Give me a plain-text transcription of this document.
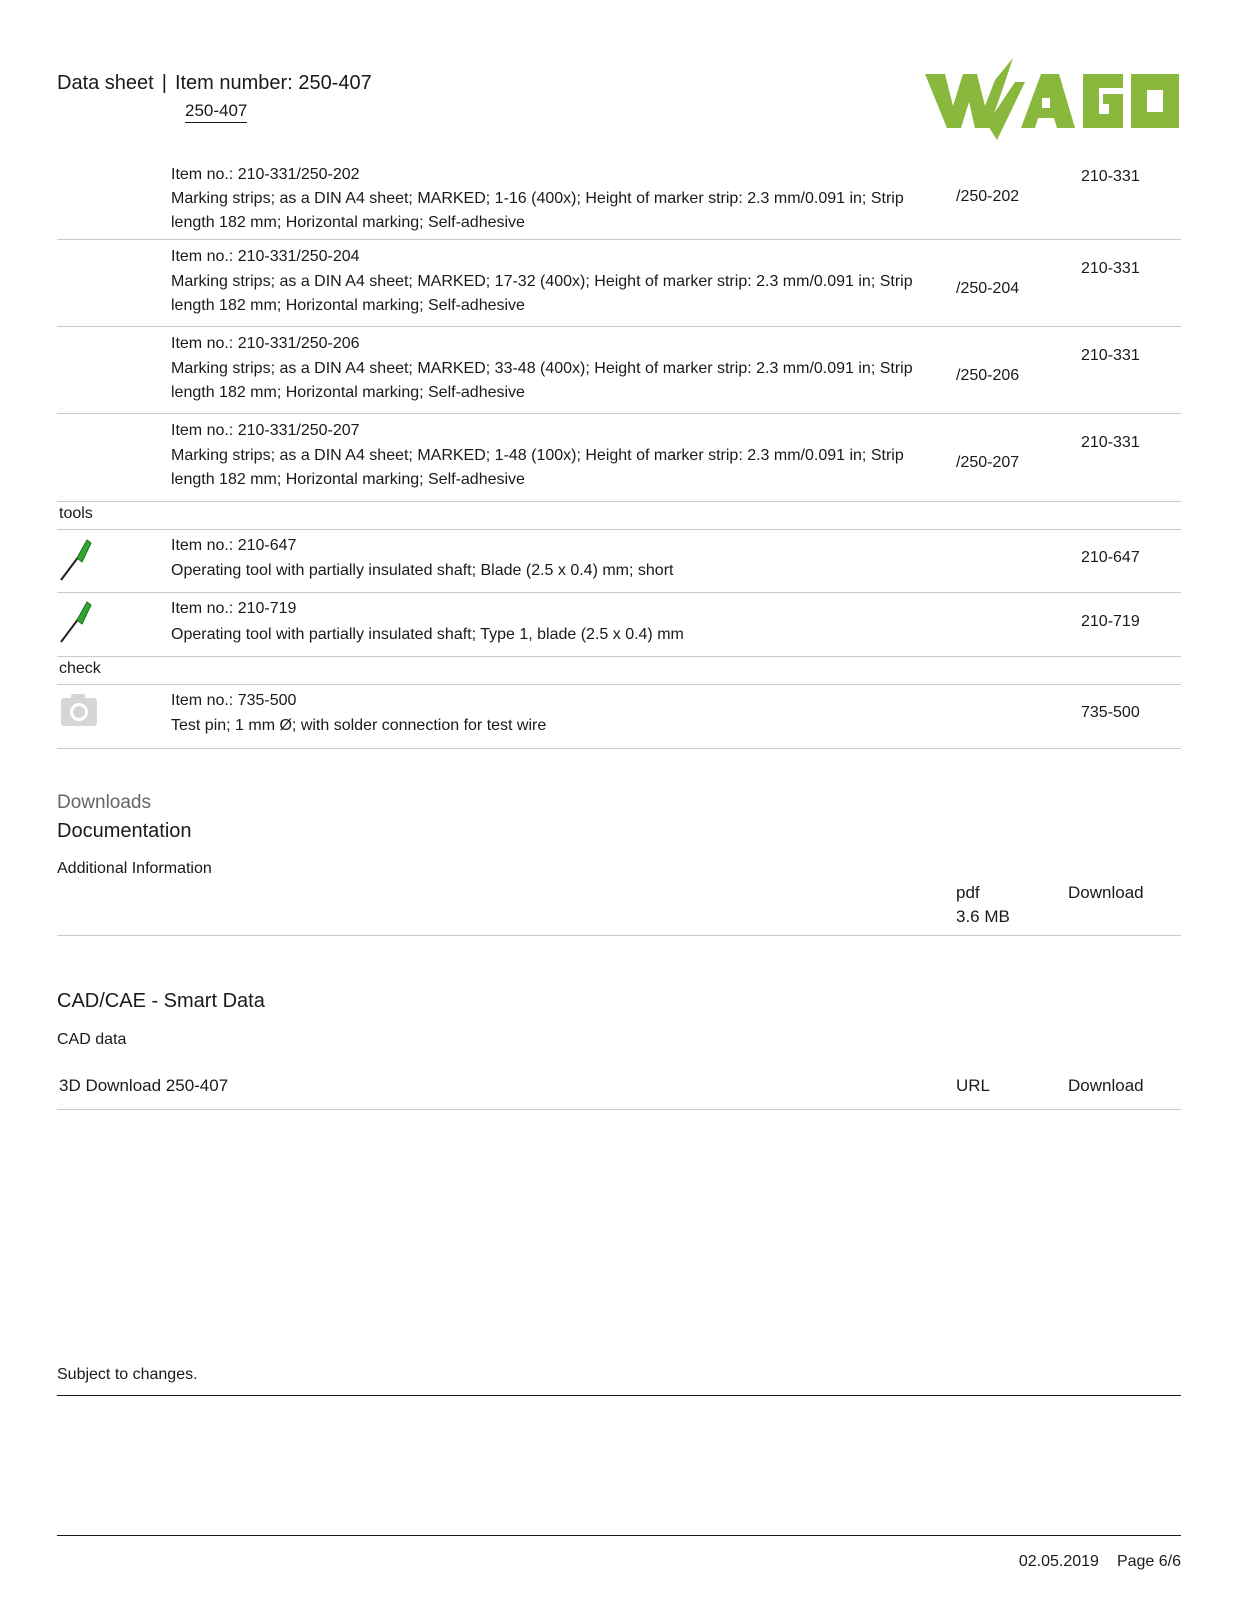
Data sheet | Item number: 250-407
250-407
Item no.: 210-331/250-202
Marking strips; as a DIN A4 sheet; MARKED; 1-16 (400x); Height of marker strip: 2.3 mm/0.091 in; Strip length 182 mm; Horizontal marking; Self-adhesive
/250-202
210-331
Item no.: 210-331/250-204
Marking strips; as a DIN A4 sheet; MARKED; 17-32 (400x); Height of marker strip: 2.3 mm/0.091 in; Strip length 182 mm; Horizontal marking; Self-adhesive
/250-204
210-331
Item no.: 210-331/250-206
Marking strips; as a DIN A4 sheet; MARKED; 33-48 (400x); Height of marker strip: 2.3 mm/0.091 in; Strip length 182 mm; Horizontal marking; Self-adhesive
/250-206
210-331
Item no.: 210-331/250-207
Marking strips; as a DIN A4 sheet; MARKED; 1-48 (100x); Height of marker strip: 2.3 mm/0.091 in; Strip length 182 mm; Horizontal marking; Self-adhesive
/250-207
210-331
tools
Item no.: 210-647
Operating tool with partially insulated shaft; Blade (2.5 x 0.4) mm; short
210-647
Item no.: 210-719
Operating tool with partially insulated shaft; Type 1, blade (2.5 x 0.4) mm
210-719
check
Item no.: 735-500
Test pin; 1 mm Ø; with solder connection for test wire
735-500
Downloads
Documentation
Additional Information
pdf
3.6 MB
Download
CAD/CAE - Smart Data
CAD data
3D Download 250-407	URL	Download
Subject to changes.
02.05.2019 Page 6/6
